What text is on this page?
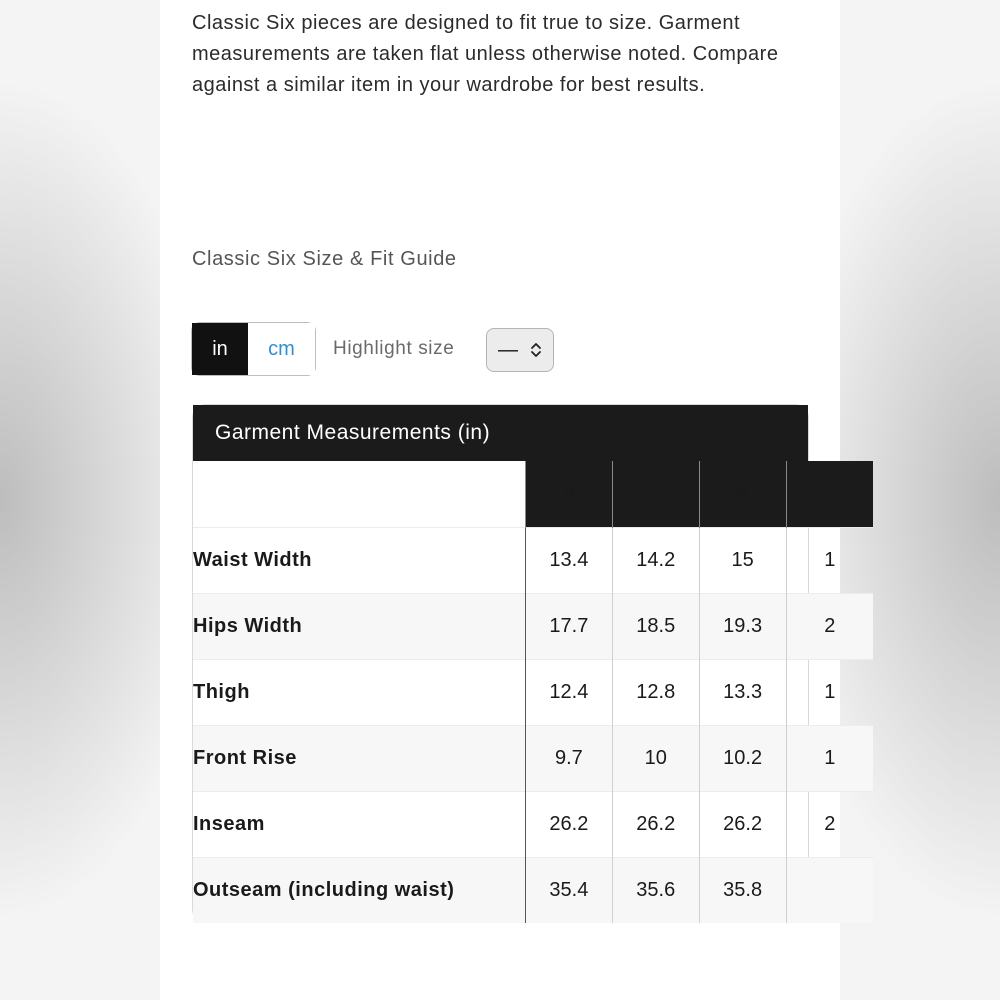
Classic Six pieces are designed to fit true to size. Garment measurements are taken flat unless otherwise noted. Compare against a similar item in your wardrobe for best results.

Classic Six Size & Fit Guide
in	cm	Highlight size —
Garment Measurements (in)
	0	2	4	
Waist Width	13.4	14.2	15	1
Hips Width	17.7	18.5	19.3	2
Thigh	12.4	12.8	13.3	1
Front Rise	9.7	10	10.2	1
Inseam	26.2	26.2	26.2	2
Outseam (including waist)	35.4	35.6	35.8	
